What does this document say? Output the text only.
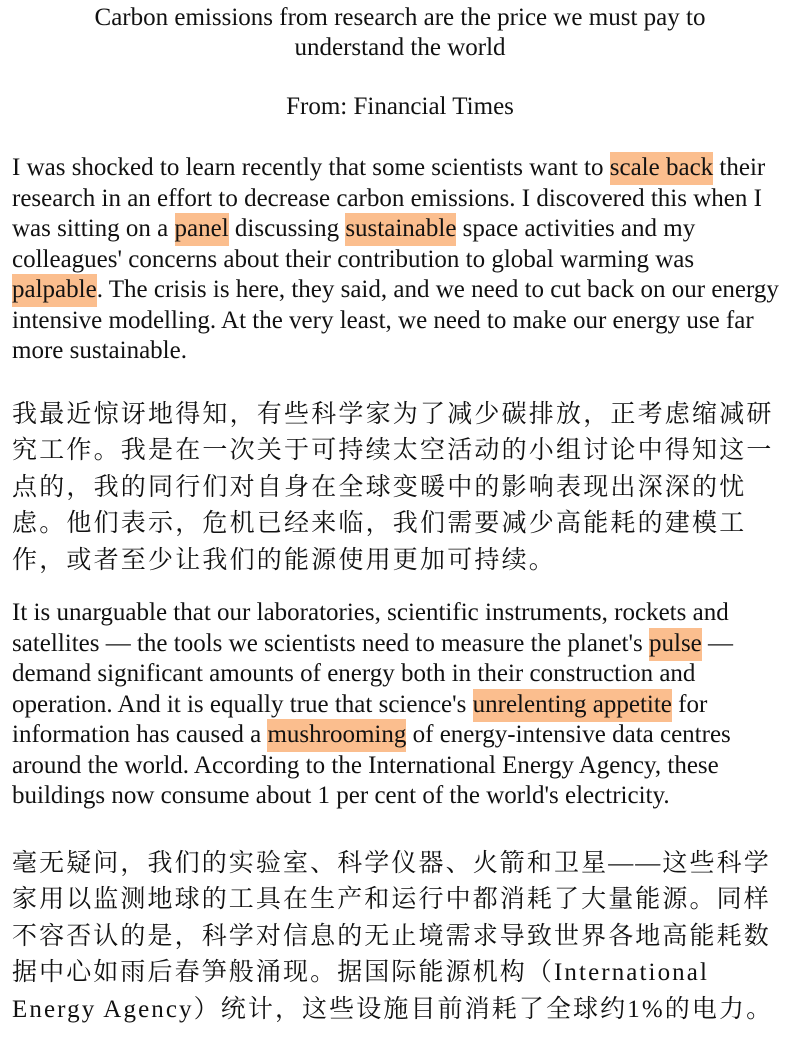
Carbon emissions from research are the price we must pay to understand the world
From: Financial Times

I was shocked to learn recently that some scientists want to scale back their research in an effort to decrease carbon emissions. I discovered this when I was sitting on a panel discussing sustainable space activities and my colleagues' concerns about their contribution to global warming was palpable. The crisis is here, they said, and we need to cut back on our energy intensive modelling. At the very least, we need to make our energy use far more sustainable.

我最近惊讶地得知，有些科学家为了减少碳排放，正考虑缩减研究工作。我是在一次关于可持续太空活动的小组讨论中得知这一点的，我的同行们对自身在全球变暖中的影响表现出深深的忧虑。他们表示，危机已经来临，我们需要减少高能耗的建模工作，或者至少让我们的能源使用更加可持续。

It is unarguable that our laboratories, scientific instruments, rockets and satellites — the tools we scientists need to measure the planet's pulse — demand significant amounts of energy both in their construction and operation. And it is equally true that science's unrelenting appetite for information has caused a mushrooming of energy-intensive data centres around the world. According to the International Energy Agency, these buildings now consume about 1 per cent of the world's electricity.

毫无疑问，我们的实验室、科学仪器、火箭和卫星——这些科学家用以监测地球的工具在生产和运行中都消耗了大量能源。同样不容否认的是，科学对信息的无止境需求导致世界各地高能耗数据中心如雨后春笋般涌现。据国际能源机构（International Energy Agency）统计，这些设施目前消耗了全球约1%的电力。
